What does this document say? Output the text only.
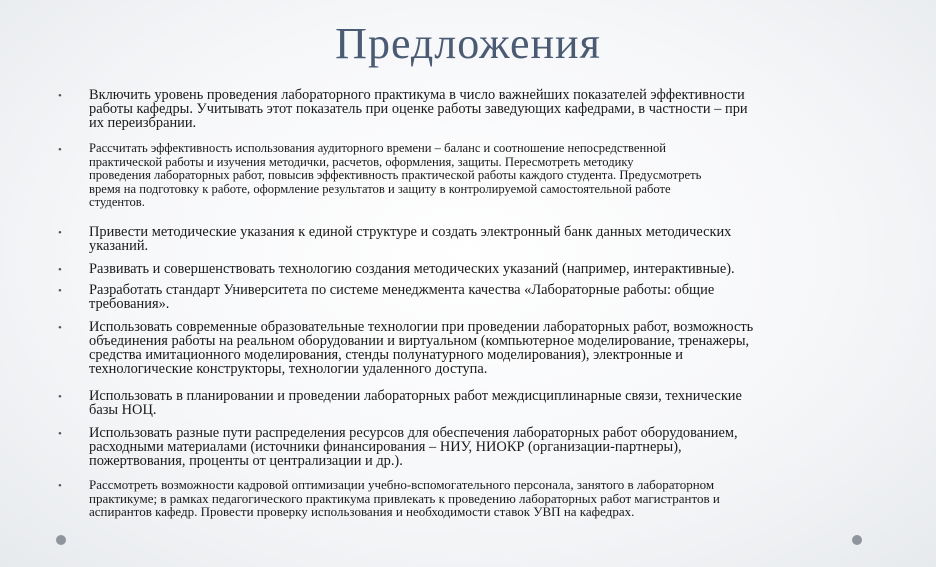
Предложения
• Включить уровень проведения лабораторного практикума в число важнейших показателей эффективности
работы кафедры. Учитывать этот показатель при оценке работы заведующих кафедрами, в частности – при
их переизбрании.
• Рассчитать эффективность использования аудиторного времени – баланс и соотношение непосредственной
практической работы и изучения методички, расчетов, оформления, защиты. Пересмотреть методику
проведения лабораторных работ, повысив эффективность практической работы каждого студента. Предусмотреть
время на подготовку к работе, оформление результатов и защиту в контролируемой самостоятельной работе
студентов.
• Привести методические указания к единой структуре и создать электронный банк данных методических
указаний.
• Развивать и совершенствовать технологию создания методических указаний (например, интерактивные).
• Разработать стандарт Университета по системе менеджмента качества «Лабораторные работы: общие
требования».
• Использовать современные образовательные технологии при проведении лабораторных работ, возможность
объединения работы на реальном оборудовании и виртуальном (компьютерное моделирование, тренажеры,
средства имитационного моделирования, стенды полунатурного моделирования), электронные и
технологические конструкторы, технологии удаленного доступа.
• Использовать в планировании и проведении лабораторных работ междисциплинарные связи, технические
базы НОЦ.
• Использовать разные пути распределения ресурсов для обеспечения лабораторных работ оборудованием,
расходными материалами (источники финансирования – НИУ, НИОКР (организации-партнеры),
пожертвования, проценты от централизации и др.).
• Рассмотреть возможности кадровой оптимизации учебно-вспомогательного персонала, занятого в лабораторном
практикуме; в рамках педагогического практикума привлекать к проведению лабораторных работ магистрантов и
аспирантов кафедр. Провести проверку использования и необходимости ставок УВП на кафедрах.
